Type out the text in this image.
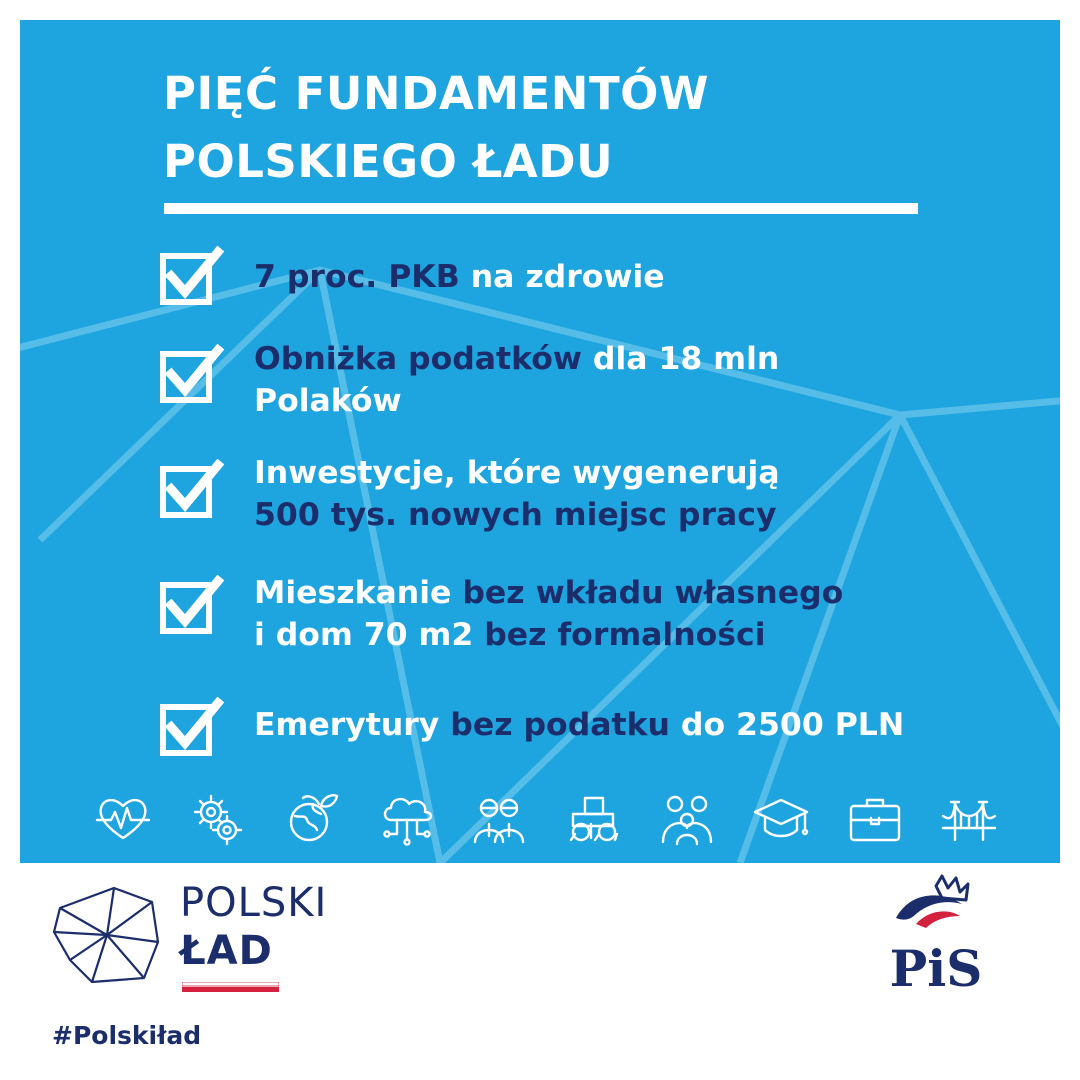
PIĘĆ FUNDAMENTÓW
POLSKIEGO ŁADU
7 proc. PKB na zdrowie
Obniżka podatków dla 18 mln
Polaków
Inwestycje, które wygenerują
500 tys. nowych miejsc pracy
Mieszkanie bez wkładu własnego
i dom 70 m2 bez formalności
Emerytury bez podatku do 2500 PLN
POLSKI
ŁAD
#Polskiład
PiS
